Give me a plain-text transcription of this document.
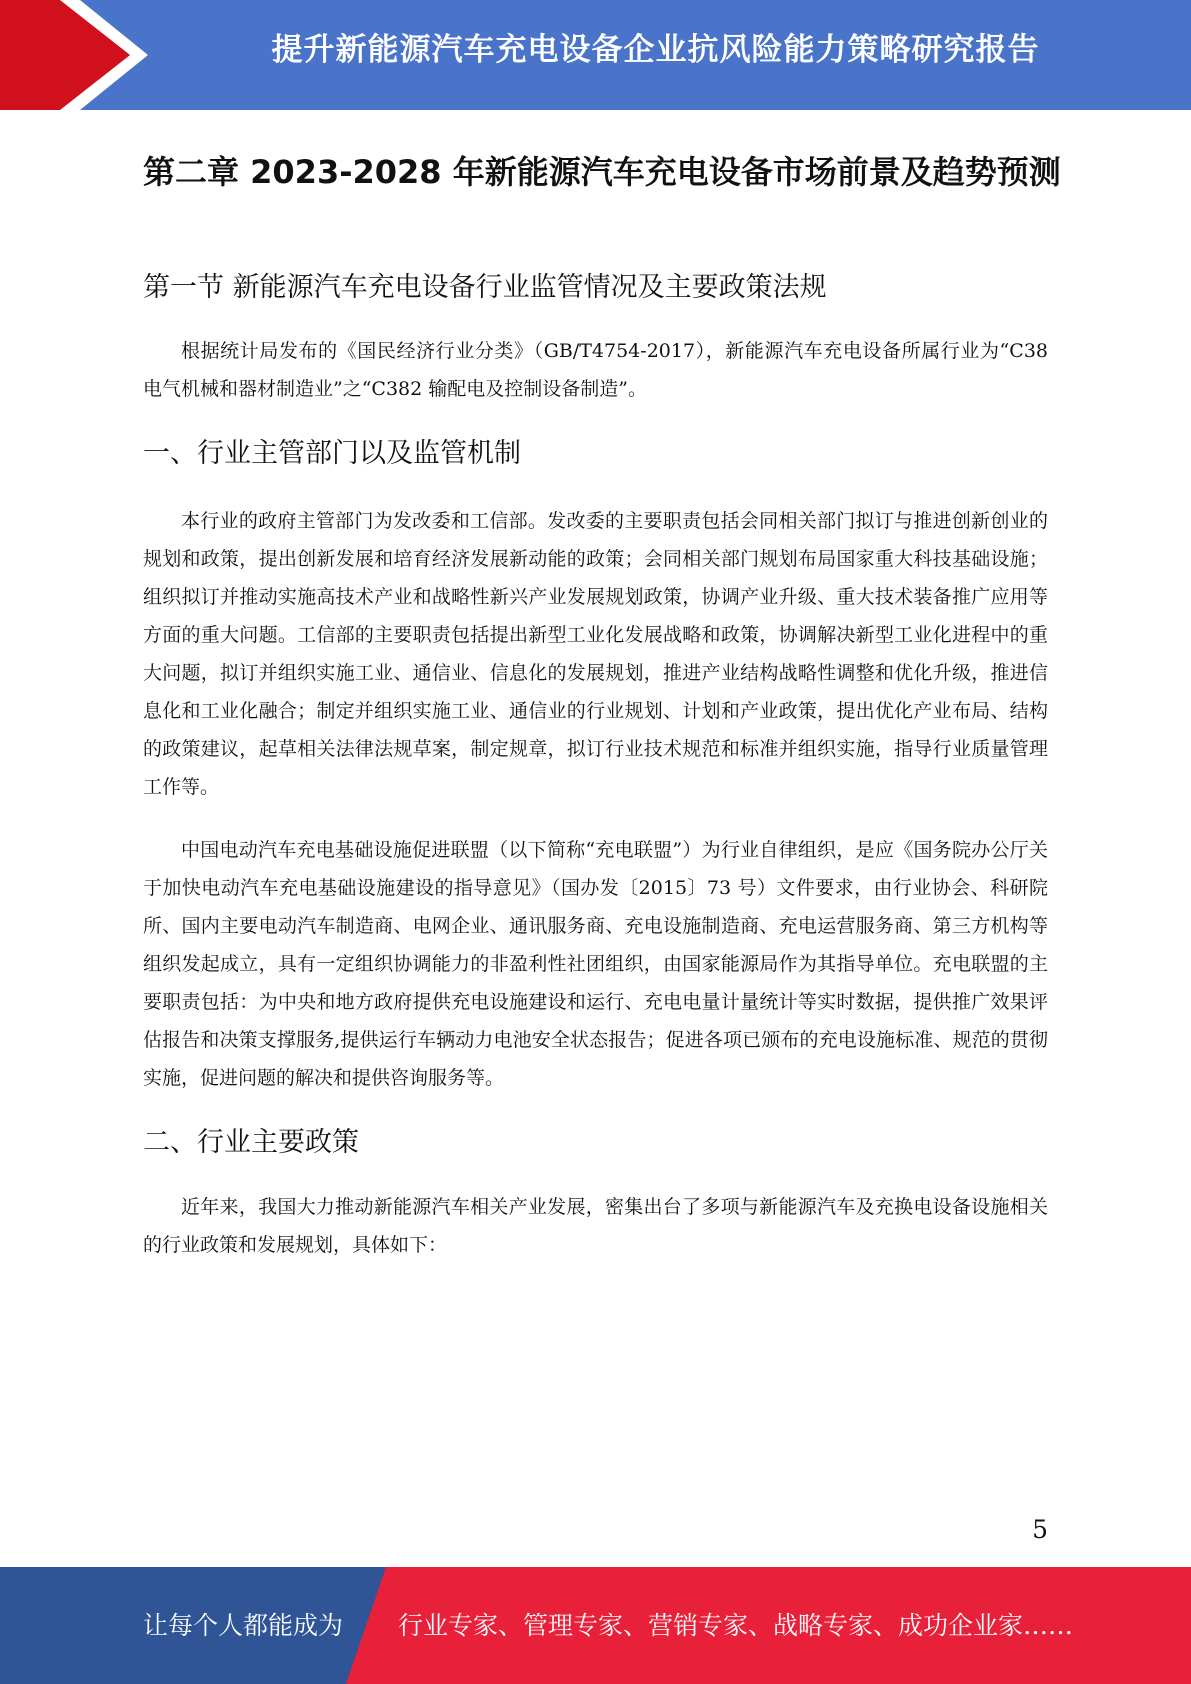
提升新能源汽车充电设备企业抗风险能力策略研究报告
第二章 2023-2028 年新能源汽车充电设备市场前景及趋势预测
第一节 新能源汽车充电设备行业监管情况及主要政策法规

根据统计局发布的《国民经济行业分类》（GB/T4754-2017），新能源汽车充电设备所属行业为“C38 电气机械和器材制造业”之“C382 输配电及控制设备制造”。

一、行业主管部门以及监管机制

本行业的政府主管部门为发改委和工信部。发改委的主要职责包括会同相关部门拟订与推进创新创业的规划和政策，提出创新发展和培育经济发展新动能的政策；会同相关部门规划布局国家重大科技基础设施；组织拟订并推动实施高技术产业和战略性新兴产业发展规划政策，协调产业升级、重大技术装备推广应用等方面的重大问题。工信部的主要职责包括提出新型工业化发展战略和政策，协调解决新型工业化进程中的重大问题，拟订并组织实施工业、通信业、信息化的发展规划，推进产业结构战略性调整和优化升级，推进信息化和工业化融合；制定并组织实施工业、通信业的行业规划、计划和产业政策，提出优化产业布局、结构的政策建议，起草相关法律法规草案，制定规章，拟订行业技术规范和标准并组织实施，指导行业质量管理工作等。

中国电动汽车充电基础设施促进联盟（以下简称“充电联盟”）为行业自律组织，是应《国务院办公厅关于加快电动汽车充电基础设施建设的指导意见》（国办发〔2015〕73 号）文件要求，由行业协会、科研院所、国内主要电动汽车制造商、电网企业、通讯服务商、充电设施制造商、充电运营服务商、第三方机构等组织发起成立，具有一定组织协调能力的非盈利性社团组织，由国家能源局作为其指导单位。充电联盟的主要职责包括：为中央和地方政府提供充电设施建设和运行、充电电量计量统计等实时数据，提供推广效果评估报告和决策支撑服务,提供运行车辆动力电池安全状态报告；促进各项已颁布的充电设施标准、规范的贯彻实施，促进问题的解决和提供咨询服务等。

二、行业主要政策

近年来，我国大力推动新能源汽车相关产业发展，密集出台了多项与新能源汽车及充换电设备设施相关的行业政策和发展规划，具体如下：

5
让每个人都能成为 行业专家、管理专家、营销专家、战略专家、成功企业家……
